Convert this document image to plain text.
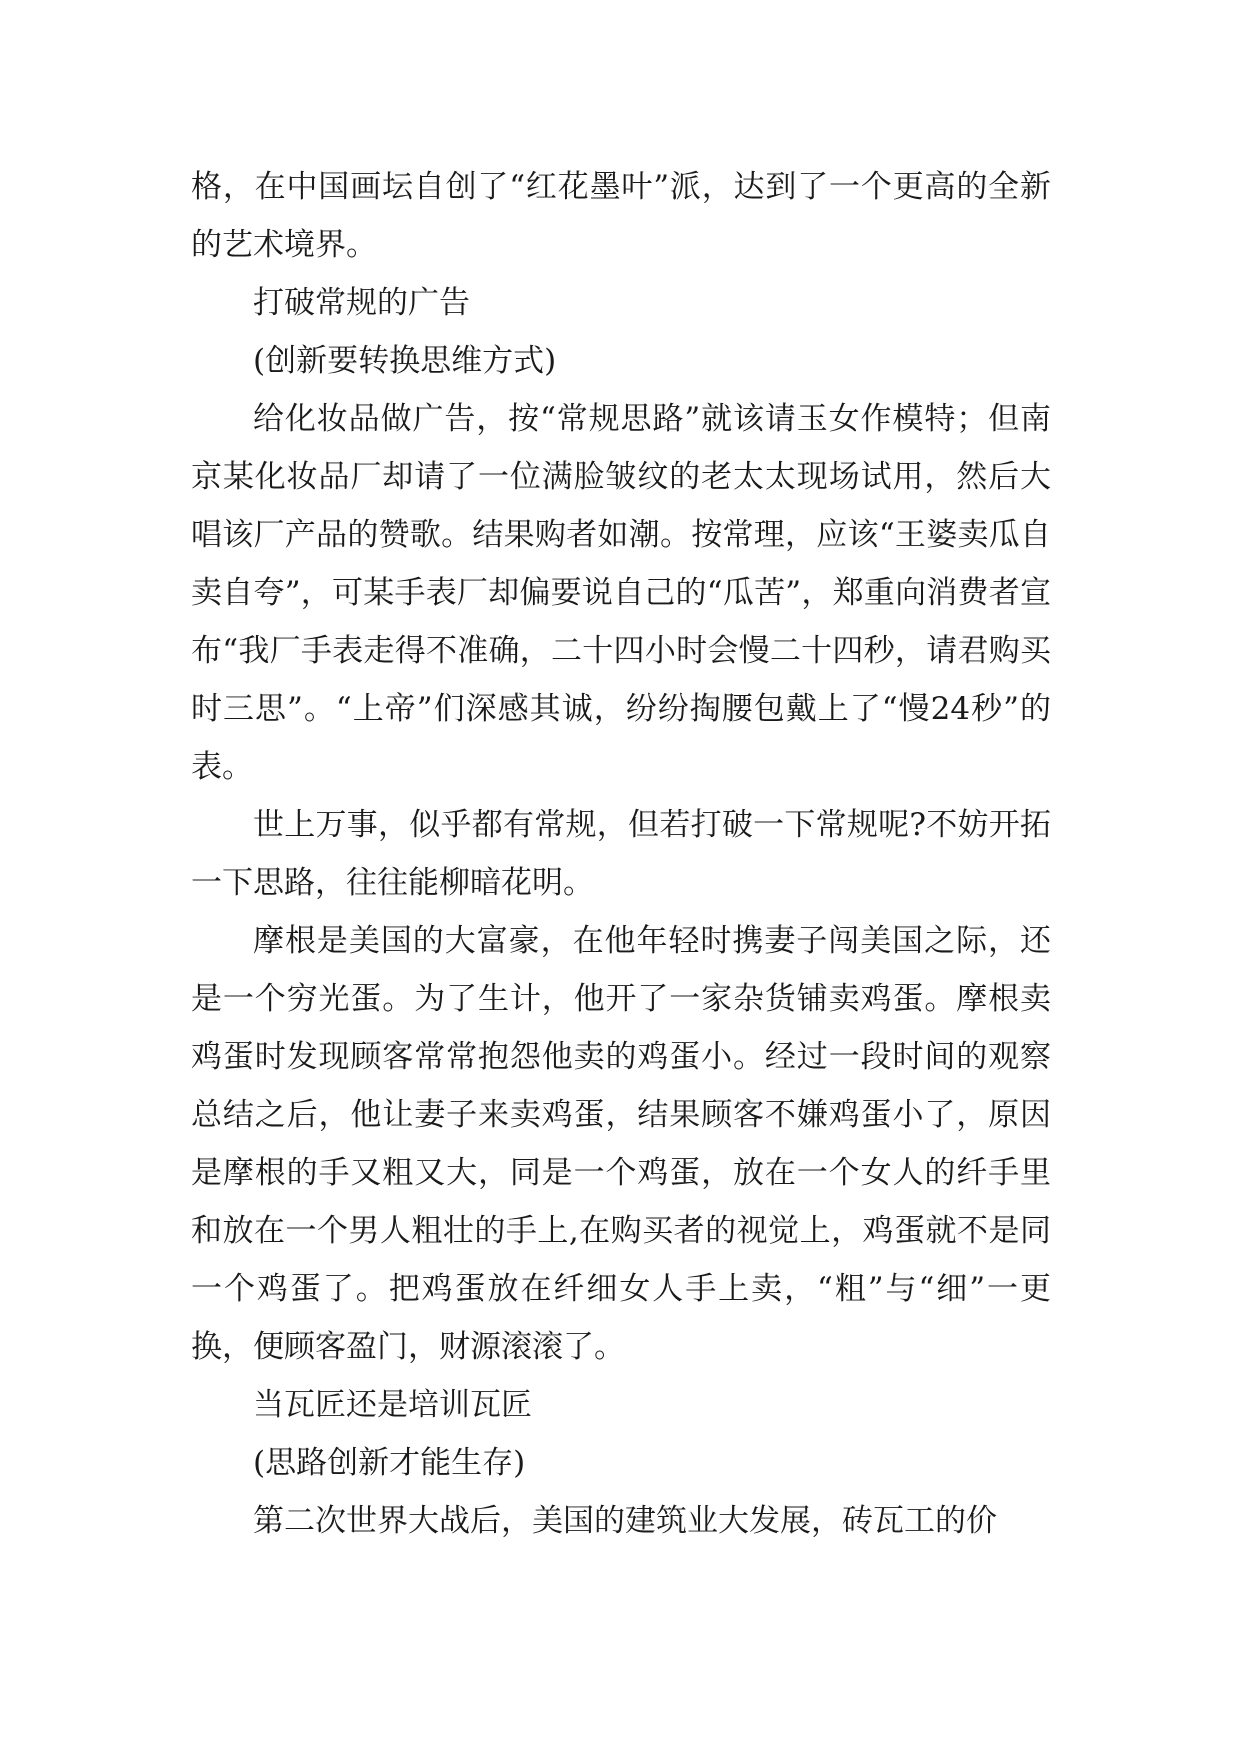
格，在中国画坛自创了“红花墨叶”派，达到了一个更高的全新的艺术境界。

打破常规的广告

(创新要转换思维方式)

给化妆品做广告，按“常规思路”就该请玉女作模特；但南京某化妆品厂却请了一位满脸皱纹的老太太现场试用，然后大唱该厂产品的赞歌。结果购者如潮。按常理，应该“王婆卖瓜自卖自夸”，可某手表厂却偏要说自己的“瓜苦”，郑重向消费者宣布“我厂手表走得不准确，二十四小时会慢二十四秒，请君购买时三思”。“上帝”们深感其诚，纷纷掏腰包戴上了“慢24秒”的表。

世上万事，似乎都有常规，但若打破一下常规呢?不妨开拓一下思路，往往能柳暗花明。

摩根是美国的大富豪，在他年轻时携妻子闯美国之际，还是一个穷光蛋。为了生计，他开了一家杂货铺卖鸡蛋。摩根卖鸡蛋时发现顾客常常抱怨他卖的鸡蛋小。经过一段时间的观察总结之后，他让妻子来卖鸡蛋，结果顾客不嫌鸡蛋小了，原因是摩根的手又粗又大，同是一个鸡蛋，放在一个女人的纤手里和放在一个男人粗壮的手上,在购买者的视觉上，鸡蛋就不是同一个鸡蛋了。把鸡蛋放在纤细女人手上卖，“粗”与“细”一更换，便顾客盈门，财源滚滚了。

当瓦匠还是培训瓦匠

(思路创新才能生存)

第二次世界大战后，美国的建筑业大发展，砖瓦工的价
